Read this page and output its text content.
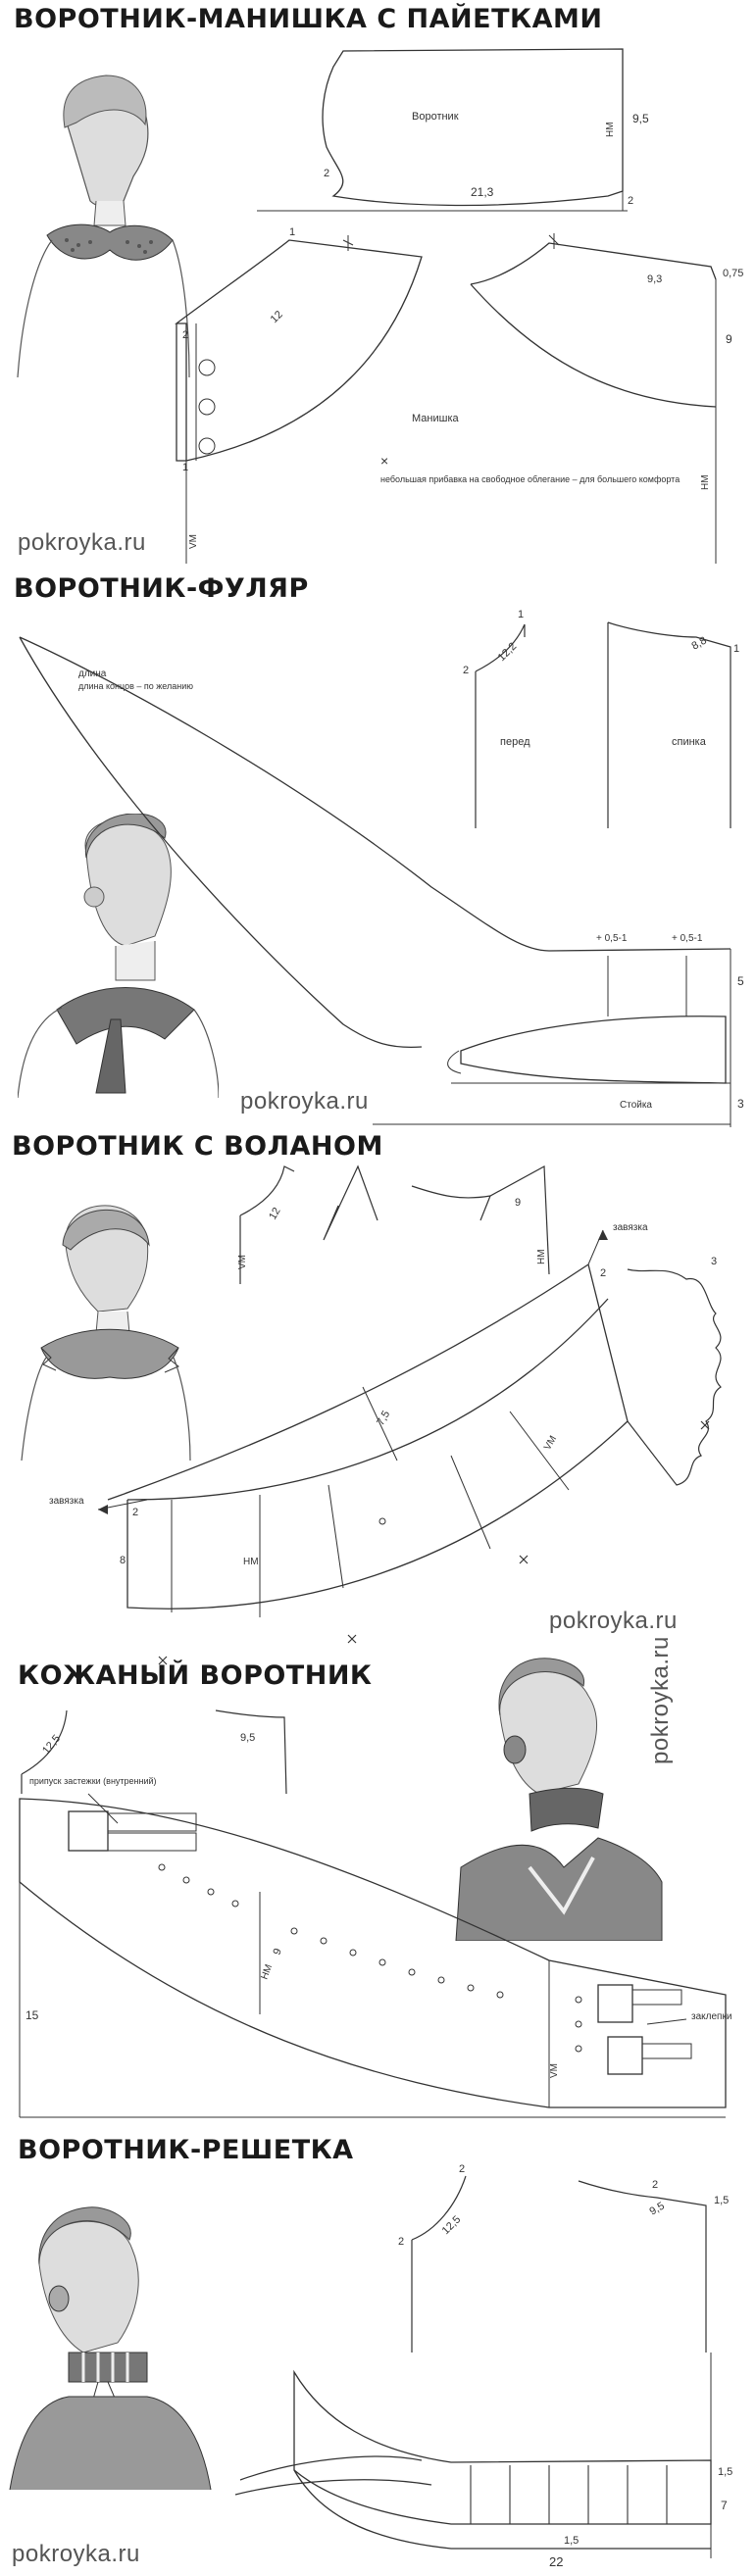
ВОРОТНИК-МАНИШКА С ПАЙЕТКАМИ
Воротник	9,5
21,3
2
2
НМ
12
1
2
1
VM
Манишка
×
небольшая прибавка на свободное облегание – для большего комфорта
9,3	0,75
9
НМ
pokroyka.ru
ВОРОТНИК-ФУЛЯР
1
2
12,2	1
8,8
перед	спинка
длина
длина концов – по желанию
+ 0,5-1	+ 0,5-1
5
3
Стойка
pokroyka.ru
ВОРОТНИК С ВОЛАНОМ
12
9
VM	НМ
завязка
завязка
2
3
7,5
VM
2
8	НМ
pokroyka.ru
КОЖАНЫЙ ВОРОТНИК
12,5	9,5
припуск застежки (внутренний)
заклепки
15
9
НМ
VM
pokroyka.ru
ВОРОТНИК-РЕШЕТКА
2
2
12,5
2
9,5	1,5
1,5
7
1,5
pokroyka.ru	22
